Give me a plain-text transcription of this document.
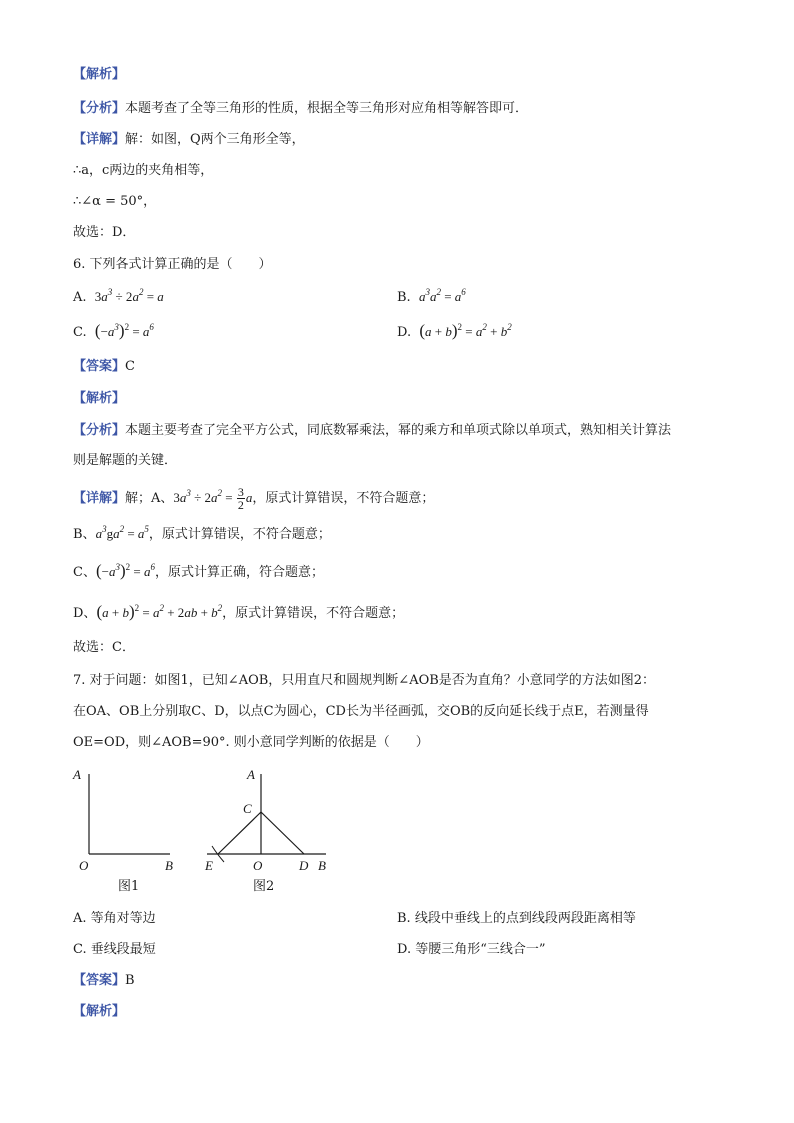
【解析】
【分析】本题考查了全等三角形的性质，根据全等三角形对应角相等解答即可．
【详解】解：如图，Q两个三角形全等，
∴a，c两边的夹角相等，
∴∠α = 50°，
故选：D．
6. 下列各式计算正确的是（　　）
A. $3a^3 \div 2a^2 = a$	B. $a^3a^2 = a^6$
C. $(-a^3)^2 = a^6$	D. $(a + b)^2 = a^2 + b^2$
【答案】C
【解析】
【分析】本题主要考查了完全平方公式，同底数幂乘法，幂的乘方和单项式除以单项式，熟知相关计算法
则是解题的关键．
【详解】解；A、$3a^3 \div 2a^2 = \frac{3}{2}$ a，原式计算错误，不符合题意；
B、$a^3ga^2 = a^5$，原式计算错误，不符合题意；
C、$(-a^3)^2 = a^6$，原式计算正确，符合题意；
D、$(a + b)^2 = a^2 + 2ab + b^2$，原式计算错误，不符合题意；
故选：C．
7. 对于问题：如图1，已知∠AOB，只用直尺和圆规判断∠AOB是否为直角？小意同学的方法如图2：
在OA、OB上分别取C、D，以点C为圆心，CD长为半径画弧，交OB的反向延长线于点E，若测量得
OE=OD，则∠AOB=90°. 则小意同学判断的依据是（　　）
A
O	B
图1
A
C
E	O	D B
图2
A. 等角对等边	B. 线段中垂线上的点到线段两段距离相等
C. 垂线段最短	D. 等腰三角形“三线合一”
【答案】B
【解析】
